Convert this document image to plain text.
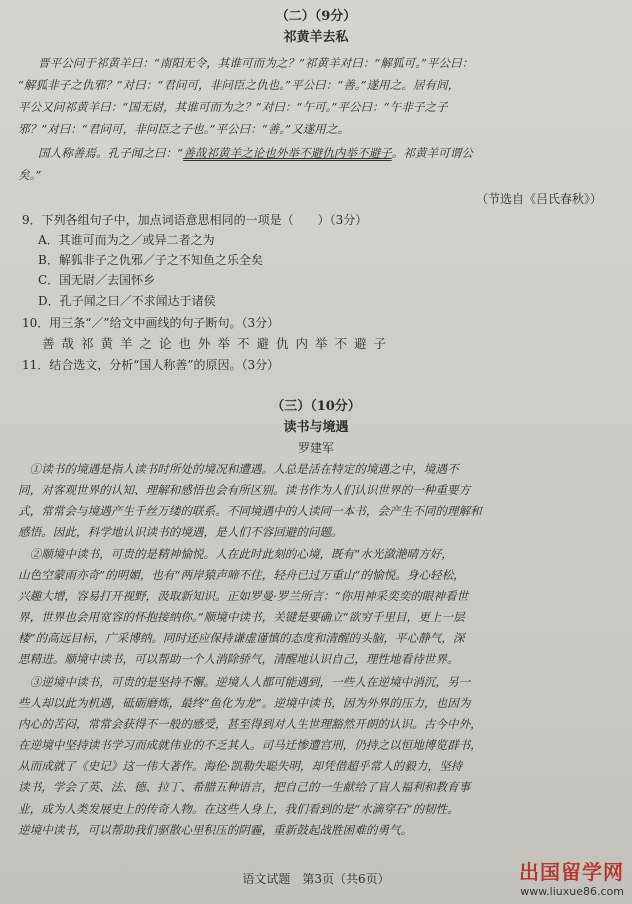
（二）（9分）
祁黄羊去私
晋平公问于祁黄羊曰：“南阳无令，其谁可而为之？”祁黄羊对曰：“解狐可。”平公曰：
“解狐非子之仇邪？”对曰：“君问可，非问臣之仇也。”平公曰：“善。”遂用之。居有间，
平公又问祁黄羊曰：“国无尉，其谁可而为之？”对曰：“午可。”平公曰：“午非子之子
邪？”对曰：“君问可，非问臣之子也。”平公曰：“善。”又遂用之。
国人称善焉。孔子闻之曰：“善哉祁黄羊之论也外举不避仇内举不避子。祁黄羊可谓公
矣。”
（节选自《吕氏春秋》）
9．下列各组句子中，加点词语意思相同的一项是（　　）（3分）
A．其谁可而为之／或异二者之为
B．解狐非子之仇邪／子之不知鱼之乐全矣
C．国无尉／去国怀乡
D．孔子闻之曰／不求闻达于诸侯
10．用三条“／”给文中画线的句子断句。（3分）
善哉祁黄羊之论也外举不避仇内举不避子
11．结合选文，分析“国人称善”的原因。（3分）
（三）（10分）
读书与境遇
罗建军
　①读书的境遇是指人读书时所处的境况和遭遇。人总是活在特定的境遇之中，境遇不
同，对客观世界的认知、理解和感悟也会有所区别。读书作为人们认识世界的一种重要方
式，常常会与境遇产生千丝万缕的联系。不同境遇中的人读同一本书，会产生不同的理解和
感悟。因此，科学地认识读书的境遇，是人们不容回避的问题。
　②顺境中读书，可贵的是精神愉悦。人在此时此刻的心境，既有“水光潋滟晴方好，
山色空蒙雨亦奇”的明媚，也有“两岸猿声啼不住，轻舟已过万重山”的愉悦。身心轻松，
兴趣大增，容易打开视野，汲取新知识。正如罗曼·罗兰所言：“你用神采奕奕的眼神看世
界，世界也会用宽容的怀抱接纳你。”顺境中读书，关键是要确立“欲穷千里目，更上一层
楼”的高远目标，广采博纳。同时还应保持谦虚谨慎的态度和清醒的头脑，平心静气，深
思精进。顺境中读书，可以帮助一个人消除骄气，清醒地认识自己，理性地看待世界。
　③逆境中读书，可贵的是坚持不懈。逆境人人都可能遇到，一些人在逆境中消沉，另一
些人却以此为机遇，砥砺磨炼，最终“鱼化为龙”。逆境中读书，因为外界的压力，也因为
内心的苦闷，常常会获得不一般的感受，甚至得到对人生世理豁然开朗的认识。古今中外，
在逆境中坚持读书学习而成就伟业的不乏其人。司马迁惨遭宫刑，仍持之以恒地博览群书，
从而成就了《史记》这一伟大著作。海伦·凯勒失聪失明，却凭借超乎常人的毅力，坚持
读书，学会了英、法、德、拉丁、希腊五种语言，把自己的一生献给了盲人福利和教育事
业，成为人类发展史上的传奇人物。在这些人身上，我们看到的是“水滴穿石”的韧性。
逆境中读书，可以帮助我们驱散心里积压的阴霾，重新鼓起战胜困难的勇气。
语文试题　第3页（共6页）	出国留学网
www.liuxue86.com
